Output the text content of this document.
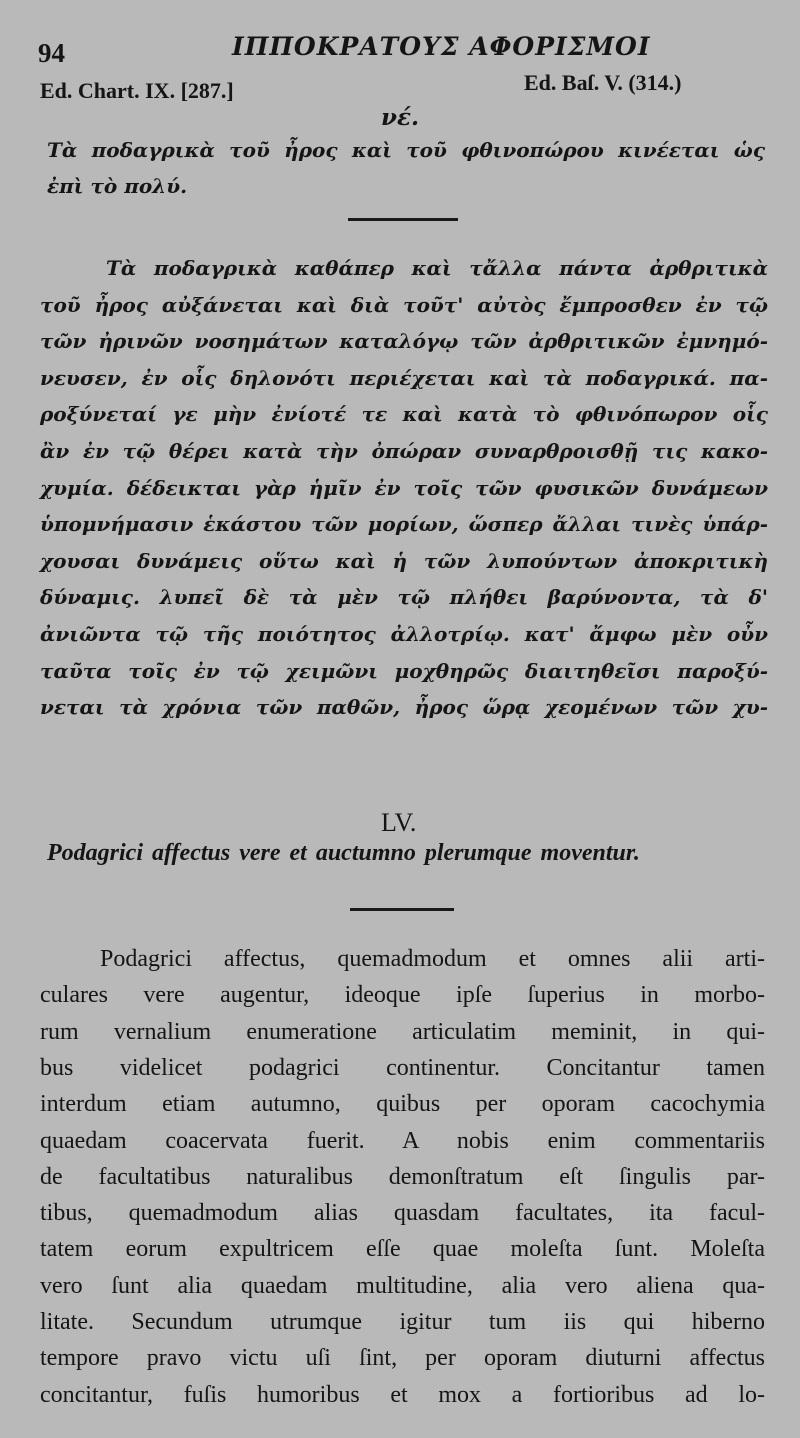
94	ΙΠΠΟΚΡΑΤΟΥΣ ΑΦΟΡΙΣΜΟΙ
Ed. Chart. IX. [287.]	Ed. Baſ. V. (314.)
νέ.
Τὰ ποδαγρικὰ τοῦ ἦρος καὶ τοῦ φθινοπώρου κινέεται ὡς
ἐπὶ τὸ πολύ.
Τὰ ποδαγρικὰ καθάπερ καὶ τἄλλα πάντα ἀρθριτικὰ
τοῦ ἦρος αὐξάνεται καὶ διὰ τοῦτ' αὐτὸς ἔμπροσθεν ἐν τῷ
τῶν ἠρινῶν νοσημάτων καταλόγῳ τῶν ἀρθριτικῶν ἐμνημό-
νευσεν, ἐν οἷς δηλονότι περιέχεται καὶ τὰ ποδαγρικά. πα-
ροξύνεταί γε μὴν ἐνίοτέ τε καὶ κατὰ τὸ φθινόπωρον οἷς
ἂν ἐν τῷ θέρει κατὰ τὴν ὀπώραν συναρθροισθῇ τις κακο-
χυμία. δέδεικται γὰρ ἡμῖν ἐν τοῖς τῶν φυσικῶν δυνάμεων
ὑπομνήμασιν ἑκάστου τῶν μορίων, ὥσπερ ἄλλαι τινὲς ὑπάρ-
χουσαι δυνάμεις οὕτω καὶ ἡ τῶν λυπούντων ἀποκριτικὴ
δύναμις. λυπεῖ δὲ τὰ μὲν τῷ πλήθει βαρύνοντα, τὰ δ'
ἀνιῶντα τῷ τῆς ποιότητος ἀλλοτρίῳ. κατ' ἄμφω μὲν οὖν
ταῦτα τοῖς ἐν τῷ χειμῶνι μοχθηρῶς διαιτηθεῖσι παροξύ-
νεται τὰ χρόνια τῶν παθῶν, ἦρος ὥρᾳ χεομένων τῶν χυ-
LV.
Podagrici affectus vere et auctumno plerumque moventur.
Podagrici affectus, quemadmodum et omnes alii arti-
culares vere augentur, ideoque ipſe ſuperius in morbo-
rum vernalium enumeratione articulatim meminit, in qui-
bus videlicet podagrici continentur. Concitantur tamen
interdum etiam autumno, quibus per oporam cacochymia
quaedam coacervata fuerit. A nobis enim commentariis
de facultatibus naturalibus demonſtratum eſt ſingulis par-
tibus, quemadmodum alias quasdam facultates, ita facul-
tatem eorum expultricem eſſe quae moleſta ſunt. Moleſta
vero ſunt alia quaedam multitudine, alia vero aliena qua-
litate. Secundum utrumque igitur tum iis qui hiberno
tempore pravo victu uſi ſint, per oporam diuturni affectus
concitantur, fuſis humoribus et mox a fortioribus ad lo-
